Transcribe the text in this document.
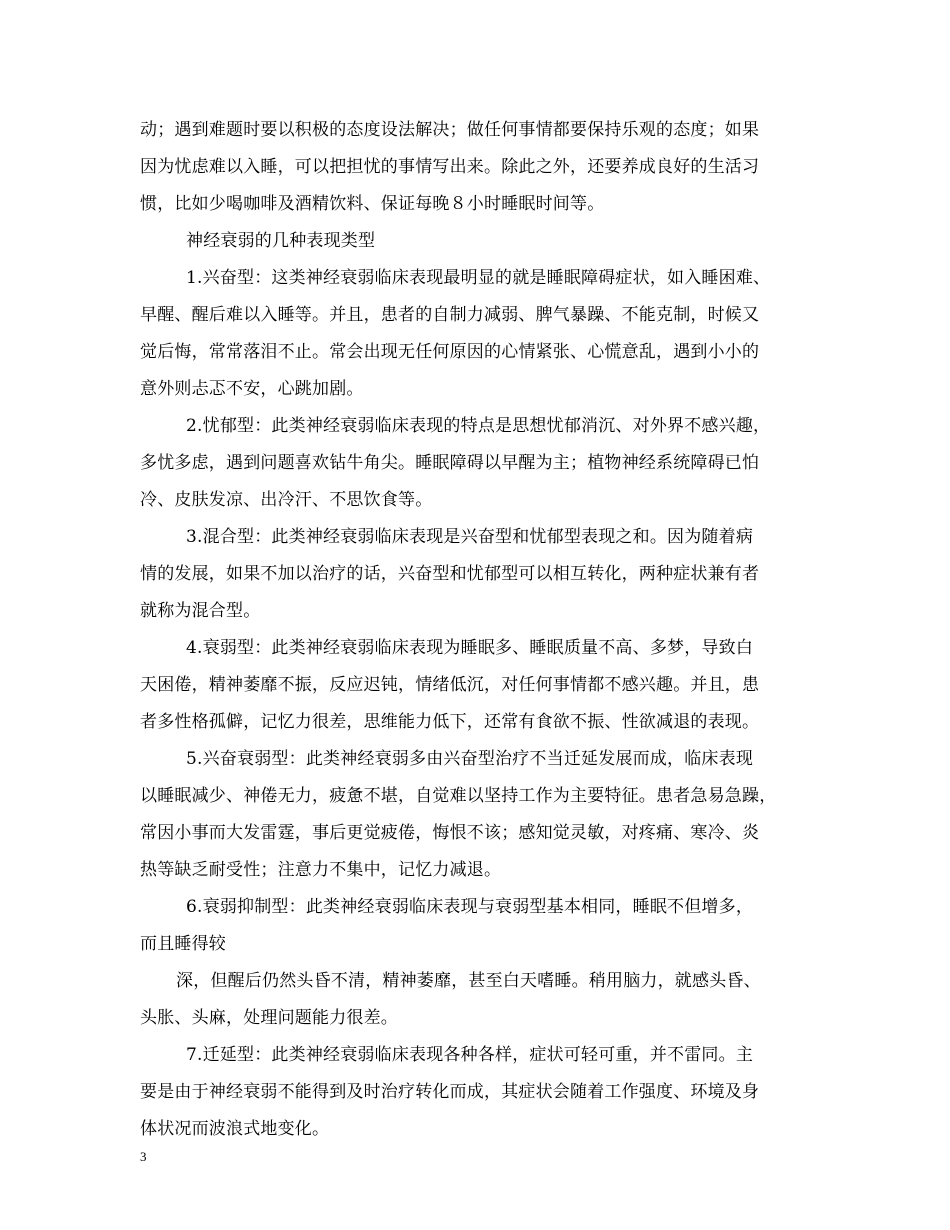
动；遇到难题时要以积极的态度设法解决；做任何事情都要保持乐观的态度；如果
因为忧虑难以入睡，可以把担忧的事情写出来。除此之外，还要养成良好的生活习
惯，比如少喝咖啡及酒精饮料、保证每晚８小时睡眠时间等。
神经衰弱的几种表现类型
1.兴奋型：这类神经衰弱临床表现最明显的就是睡眠障碍症状，如入睡困难、
早醒、醒后难以入睡等。并且，患者的自制力减弱、脾气暴躁、不能克制，时候又
觉后悔，常常落泪不止。常会出现无任何原因的心情紧张、心慌意乱，遇到小小的
意外则忐忑不安，心跳加剧。
2.忧郁型：此类神经衰弱临床表现的特点是思想忧郁消沉、对外界不感兴趣，
多忧多虑，遇到问题喜欢钻牛角尖。睡眠障碍以早醒为主；植物神经系统障碍已怕
冷、皮肤发凉、出冷汗、不思饮食等。
3.混合型：此类神经衰弱临床表现是兴奋型和忧郁型表现之和。因为随着病
情的发展，如果不加以治疗的话，兴奋型和忧郁型可以相互转化，两种症状兼有者
就称为混合型。
4.衰弱型：此类神经衰弱临床表现为睡眠多、睡眠质量不高、多梦，导致白
天困倦，精神萎靡不振，反应迟钝，情绪低沉，对任何事情都不感兴趣。并且，患
者多性格孤僻，记忆力很差，思维能力低下，还常有食欲不振、性欲减退的表现。
5.兴奋衰弱型：此类神经衰弱多由兴奋型治疗不当迁延发展而成，临床表现
以睡眠减少、神倦无力，疲惫不堪，自觉难以坚持工作为主要特征。患者急易急躁，
常因小事而大发雷霆，事后更觉疲倦，悔恨不该；感知觉灵敏，对疼痛、寒冷、炎
热等缺乏耐受性；注意力不集中，记忆力减退。
6.衰弱抑制型：此类神经衰弱临床表现与衰弱型基本相同，睡眠不但增多，
而且睡得较
深，但醒后仍然头昏不清，精神萎靡，甚至白天嗜睡。稍用脑力，就感头昏、
头胀、头麻，处理问题能力很差。
7.迁延型：此类神经衰弱临床表现各种各样，症状可轻可重，并不雷同。主
要是由于神经衰弱不能得到及时治疗转化而成，其症状会随着工作强度、环境及身
体状况而波浪式地变化。
3
